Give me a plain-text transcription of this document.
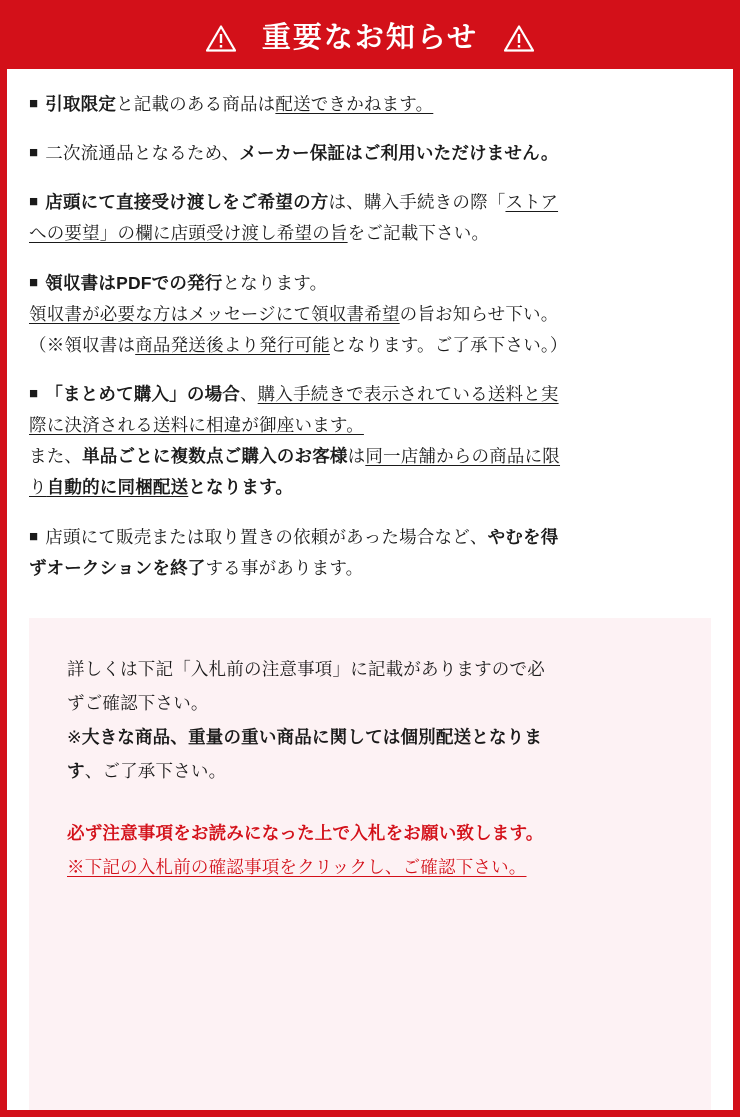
重要なお知らせ

■ 引取限定と記載のある商品は配送できかねます。

■ 二次流通品となるため、メーカー保証はご利用いただけません。

■ 店頭にて直接受け渡しをご希望の方は、購入手続きの際「ストア

への要望」の欄に店頭受け渡し希望の旨をご記載下さい。

■ 領収書はPDFでの発行となります。

領収書が必要な方はメッセージにて領収書希望の旨お知らせ下い。

（※領収書は商品発送後より発行可能となります。ご了承下さい。）

■ 「まとめて購入」の場合、購入手続きで表示されている送料と実

際に決済される送料に相違が御座います。

また、単品ごとに複数点ご購入のお客様は同一店舗からの商品に限

り自動的に同梱配送となります。

■ 店頭にて販売または取り置きの依頼があった場合など、やむを得

ずオークションを終了する事があります。

詳しくは下記「入札前の注意事項」に記載がありますので必

ずご確認下さい。

※大きな商品、重量の重い商品に関しては個別配送となりま

す、ご了承下さい。

必ず注意事項をお読みになった上で入札をお願い致します。

※下記の入札前の確認事項をクリックし、ご確認下さい。
